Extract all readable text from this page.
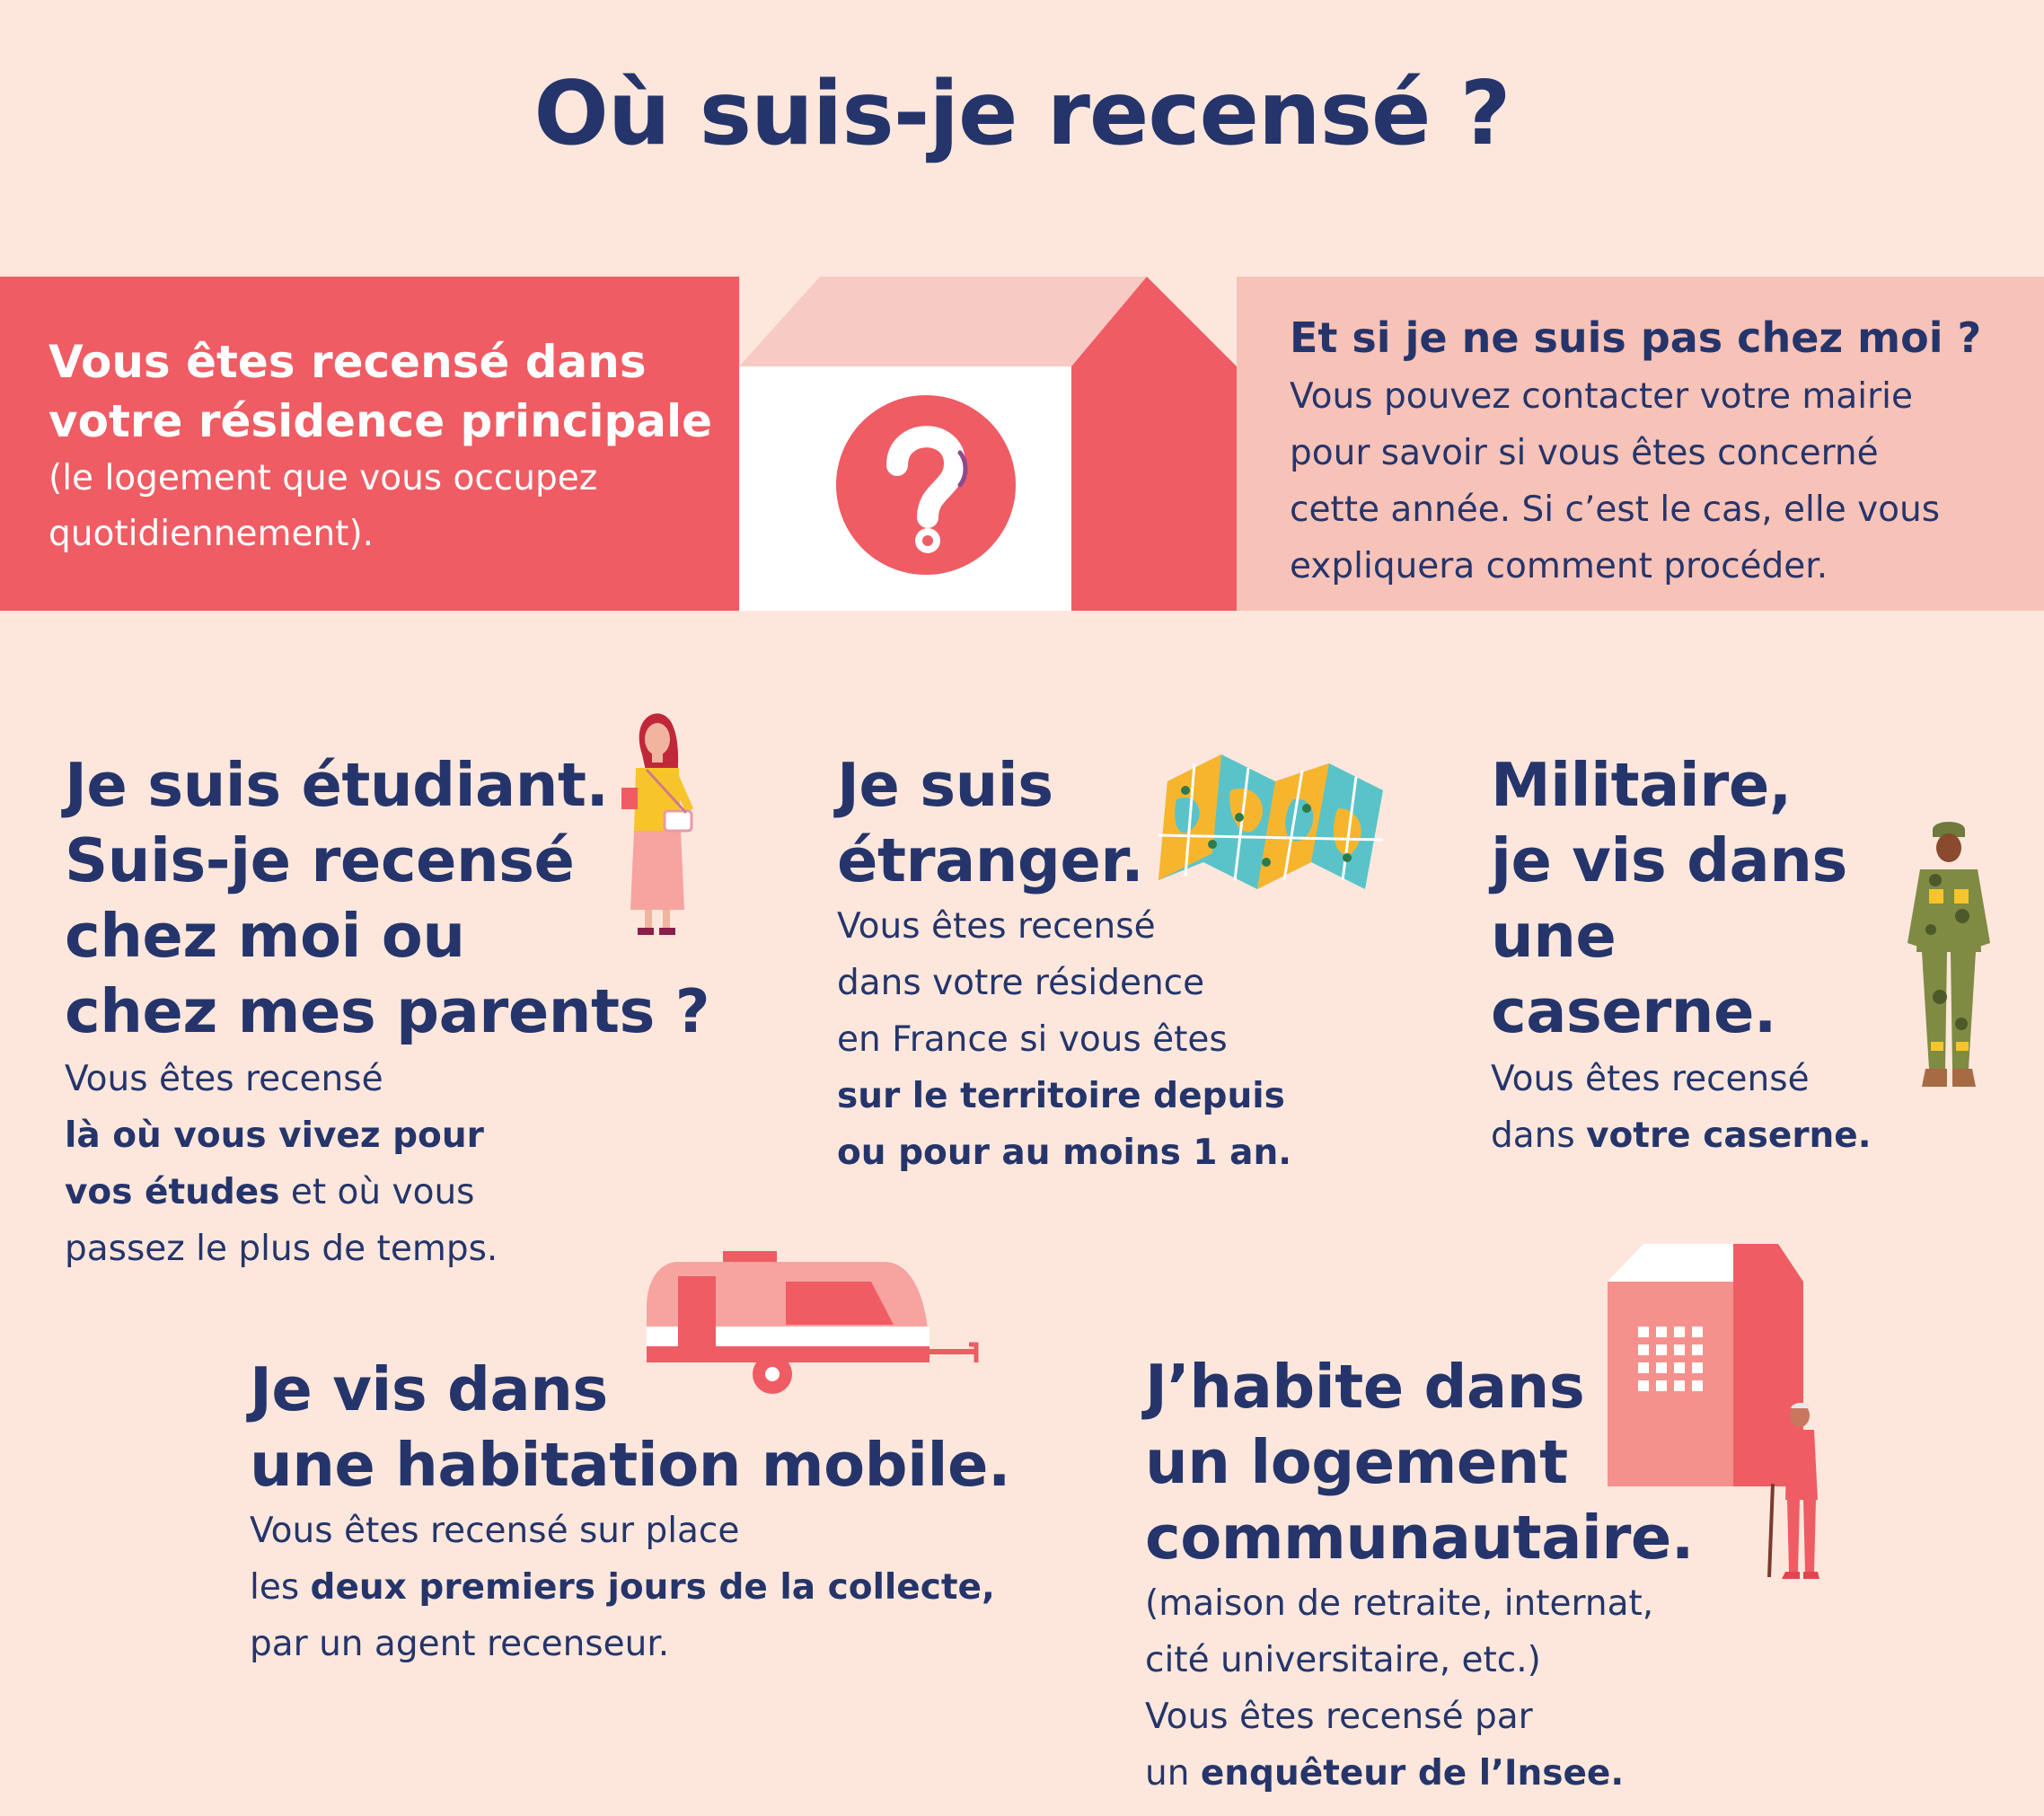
Où suis-je recensé ?
Vous êtes recensé dans
votre résidence principale
(le logement que vous occupez
quotidiennement).
Et si je ne suis pas chez moi ?
Vous pouvez contacter votre mairie
pour savoir si vous êtes concerné
cette année. Si c’est le cas, elle vous
expliquera comment procéder.
Je suis étudiant.
Suis-je recensé
chez moi ou
chez mes parents ?
Vous êtes recensé
là où vous vivez pour
vos études et où vous
passez le plus de temps.
Je suis
étranger.
Vous êtes recensé
dans votre résidence
en France si vous êtes
sur le territoire depuis
ou pour au moins 1 an.
Militaire,
je vis dans
une caserne.
Vous êtes recensé
dans votre caserne.
Je vis dans
une habitation mobile.
Vous êtes recensé sur place
les deux premiers jours de la collecte,
par un agent recenseur.
J’habite dans
un logement
communautaire.
(maison de retraite, internat,
cité universitaire, etc.)
Vous êtes recensé par
un enquêteur de l’Insee.
